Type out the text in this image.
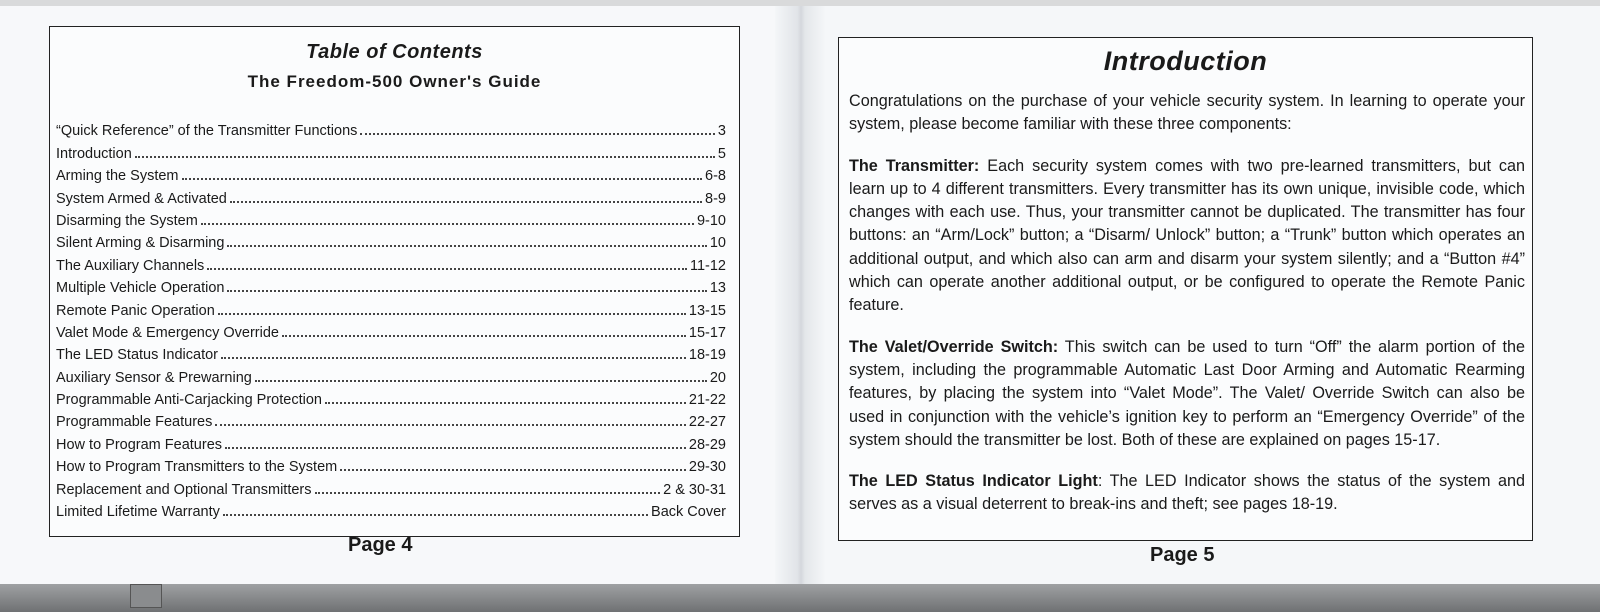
Table of Contents
The Freedom-500 Owner's Guide
“Quick Reference” of the Transmitter Functions	3
Introduction	5
Arming the System	6-8
System Armed & Activated	8-9
Disarming the System	9-10
Silent Arming & Disarming	10
The Auxiliary Channels	11-12
Multiple Vehicle Operation	13
Remote Panic Operation	13-15
Valet Mode & Emergency Override	15-17
The LED Status Indicator	18-19
Auxiliary Sensor & Prewarning	20
Programmable Anti-Carjacking Protection	21-22
Programmable Features	22-27
How to Program Features	28-29
How to Program Transmitters to the System	29-30
Replacement and Optional Transmitters	2 & 30-31
Limited Lifetime Warranty	Back Cover
Page 4
Introduction

Congratulations on the purchase of your vehicle security system. In learning to operate your system, please become familiar with these three components:

The Transmitter: Each security system comes with two pre-learned transmitters, but can learn up to 4 different transmitters. Every transmitter has its own unique, invisible code, which changes with each use. Thus, your transmitter cannot be duplicated. The transmitter has four buttons: an “Arm/Lock” button; a “Disarm/ Unlock” button; a “Trunk” button which operates an additional output, and which also can arm and disarm your system silently; and a “Button #4” which can operate another additional output, or be configured to operate the Remote Panic feature.

The Valet/Override Switch: This switch can be used to turn “Off” the alarm portion of the system, including the programmable Automatic Last Door Arming and Automatic Rearming features, by placing the system into “Valet Mode”. The Valet/ Override Switch can also be used in conjunction with the vehicle’s ignition key to perform an “Emergency Override” of the system should the transmitter be lost. Both of these are explained on pages 15-17.

The LED Status Indicator Light: The LED Indicator shows the status of the system and serves as a visual deterrent to break-ins and theft; see pages 18-19.

Page 5
